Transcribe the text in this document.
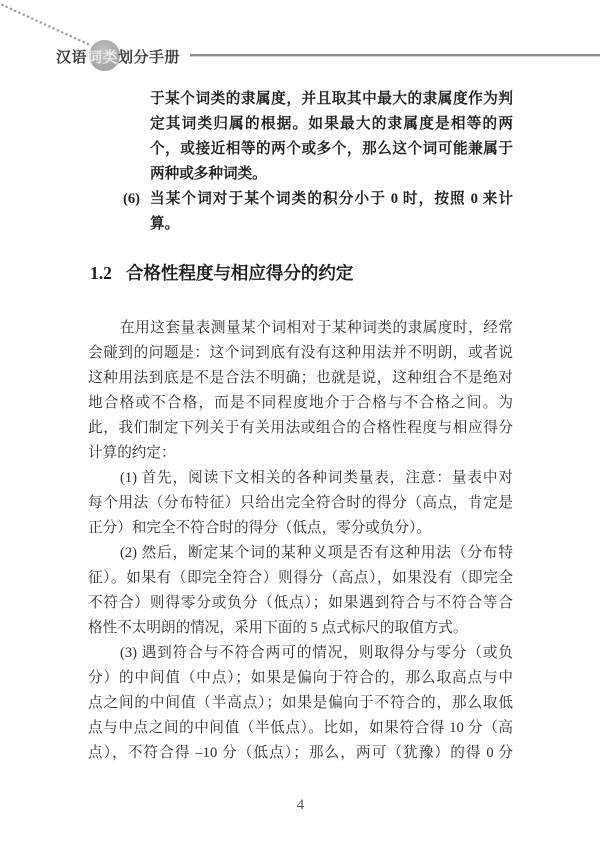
汉语词类划分手册
于某个词类的隶属度，并且取其中最大的隶属度作为判
定其词类归属的根据。如果最大的隶属度是相等的两
个，或接近相等的两个或多个，那么这个词可能兼属于
两种或多种词类。
(6) 当某个词对于某个词类的积分小于 0 时，按照 0 来计
算。
1.2 合格性程度与相应得分的约定
在用这套量表测量某个词相对于某种词类的隶属度时，经常
会碰到的问题是：这个词到底有没有这种用法并不明朗，或者说
这种用法到底是不是合法不明确；也就是说，这种组合不是绝对
地合格或不合格，而是不同程度地介于合格与不合格之间。为
此，我们制定下列关于有关用法或组合的合格性程度与相应得分
计算的约定：
(1) 首先，阅读下文相关的各种词类量表，注意：量表中对
每个用法（分布特征）只给出完全符合时的得分（高点，肯定是
正分）和完全不符合时的得分（低点，零分或负分）。
(2) 然后，断定某个词的某种义项是否有这种用法（分布特
征）。如果有（即完全符合）则得分（高点），如果没有（即完全
不符合）则得零分或负分（低点）；如果遇到符合与不符合等合
格性不太明朗的情况，采用下面的 5 点式标尺的取值方式。
(3) 遇到符合与不符合两可的情况，则取得分与零分（或负
分）的中间值（中点）；如果是偏向于符合的，那么取高点与中
点之间的中间值（半高点）；如果是偏向于不符合的，那么取低
点与中点之间的中间值（半低点）。比如，如果符合得 10 分（高
点），不符合得 –10 分（低点）；那么，两可（犹豫）的得 0 分
4
